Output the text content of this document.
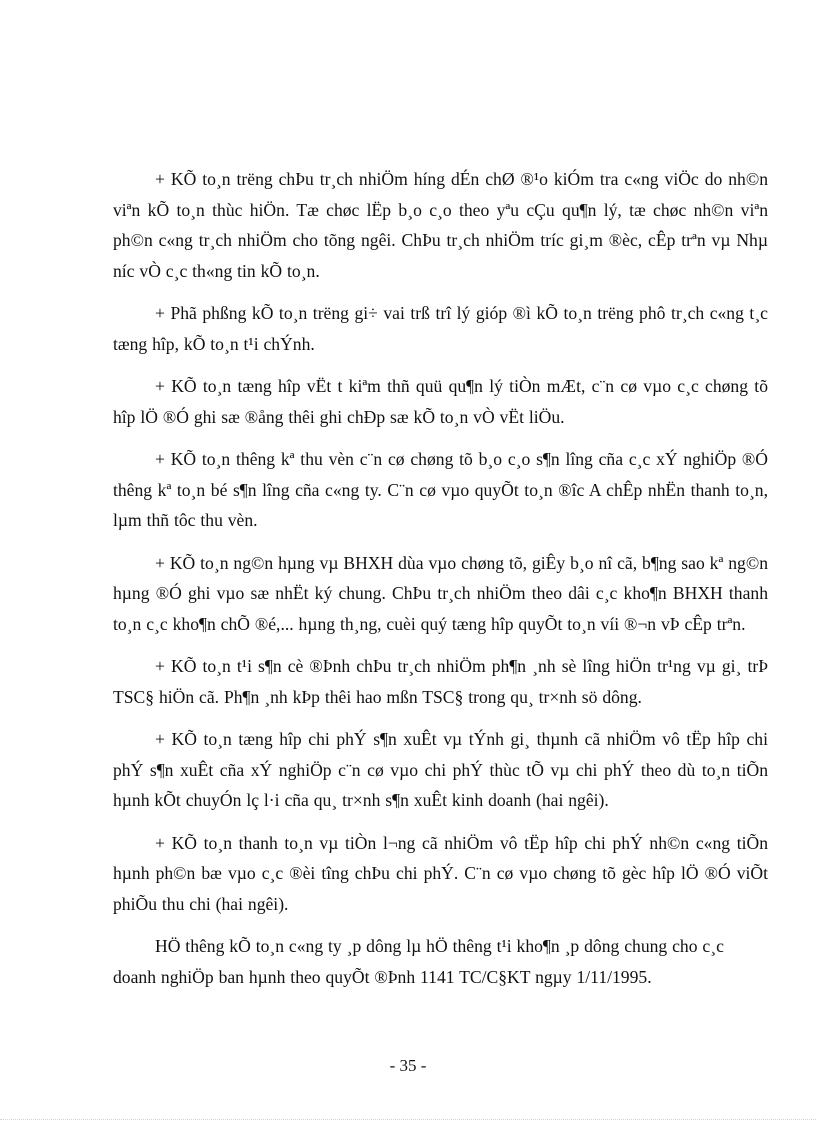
+ KÕ to¸n trëng chÞu tr¸ch nhiÖm híng dÉn chØ ®¹o kiÓm tra c«ng viÖc do nh©n viªn kÕ to¸n thùc hiÖn. Tæ chøc lËp b¸o c¸o theo yªu cÇu qu¶n lý, tæ chøc nh©n viªn ph©n c«ng tr¸ch nhiÖm cho tõng ngêi. ChÞu tr¸ch nhiÖm tríc gi¸m ®èc, cÊp trªn vµ Nhµ níc vÒ c¸c th«ng tin kÕ to¸n.

+ Phã phßng kÕ to¸n trëng gi÷ vai trß trî lý gióp ®ì kÕ to¸n trëng phô tr¸ch c«ng t¸c tæng hîp, kÕ to¸n t¹i chÝnh.

+ KÕ to¸n tæng hîp vËt t kiªm thñ quü qu¶n lý tiÒn mÆt, c¨n cø vµo c¸c chøng tõ hîp lÖ ®Ó ghi sæ ®ång thêi ghi chÐp sæ kÕ to¸n vÒ vËt liÖu.

+ KÕ to¸n thêng kª thu vèn c¨n cø chøng tõ b¸o c¸o s¶n lîng cña c¸c xÝ nghiÖp ®Ó thêng kª to¸n bé s¶n lîng cña c«ng ty. C¨n cø vµo quyÕt to¸n ®îc A chÊp nhËn thanh to¸n, lµm thñ tôc thu vèn.

+ KÕ to¸n ng©n hµng vµ BHXH dùa vµo chøng tõ, giÊy b¸o nî cã, b¶ng sao kª ng©n hµng ®Ó ghi vµo sæ nhËt ký chung. ChÞu tr¸ch nhiÖm theo dâi c¸c kho¶n BHXH thanh to¸n c¸c kho¶n chÕ ®é,... hµng th¸ng, cuèi quý tæng hîp quyÕt to¸n víi ®¬n vÞ cÊp trªn.

+ KÕ to¸n t¹i s¶n cè ®Þnh chÞu tr¸ch nhiÖm ph¶n ¸nh sè lîng hiÖn tr¹ng vµ gi¸ trÞ TSC§ hiÖn cã. Ph¶n ¸nh kÞp thêi hao mßn TSC§ trong qu¸ tr×nh sö dông.

+ KÕ to¸n tæng hîp chi phÝ s¶n xuÊt vµ tÝnh gi¸ thµnh cã nhiÖm vô tËp hîp chi phÝ s¶n xuÊt cña xÝ nghiÖp c¨n cø vµo chi phÝ thùc tÕ vµ chi phÝ theo dù to¸n tiÕn hµnh kÕt chuyÓn lç l·i cña qu¸ tr×nh s¶n xuÊt kinh doanh (hai ngêi).

+ KÕ to¸n thanh to¸n vµ tiÒn l¬ng cã nhiÖm vô tËp hîp chi phÝ nh©n c«ng tiÕn hµnh ph©n bæ vµo c¸c ®èi tîng chÞu chi phÝ. C¨n cø vµo chøng tõ gèc hîp lÖ ®Ó viÕt phiÕu thu chi (hai ngêi).

HÖ thêng kÕ to¸n c«ng ty ¸p dông lµ hÖ thêng t¹i kho¶n ¸p dông chung cho c¸c doanh nghiÖp ban hµnh theo quyÕt ®Þnh 1141 TC/C§KT ngµy 1/11/1995.

- 35 -
